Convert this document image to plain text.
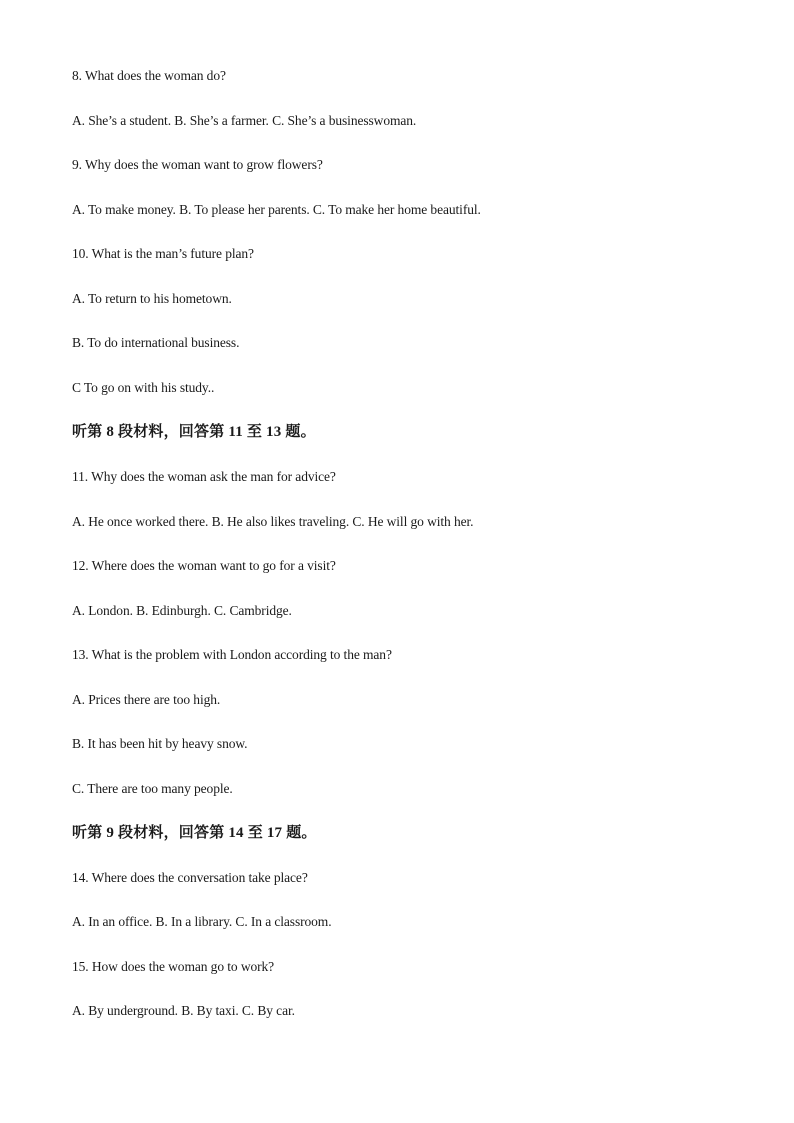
8. What does the woman do?
A. She’s a student. B. She’s a farmer. C. She’s a businesswoman.
9. Why does the woman want to grow flowers?
A. To make money. B. To please her parents. C. To make her home beautiful.
10. What is the man’s future plan?
A. To return to his hometown.
B. To do international business.
C To go on with his study..
听第 8 段材料，回答第 11 至 13 题。
11. Why does the woman ask the man for advice?
A. He once worked there. B. He also likes traveling. C. He will go with her.
12. Where does the woman want to go for a visit?
A. London. B. Edinburgh. C. Cambridge.
13. What is the problem with London according to the man?
A. Prices there are too high.
B. It has been hit by heavy snow.
C. There are too many people.
听第 9 段材料，回答第 14 至 17 题。
14. Where does the conversation take place?
A. In an office. B. In a library. C. In a classroom.
15. How does the woman go to work?
A. By underground. B. By taxi. C. By car.
